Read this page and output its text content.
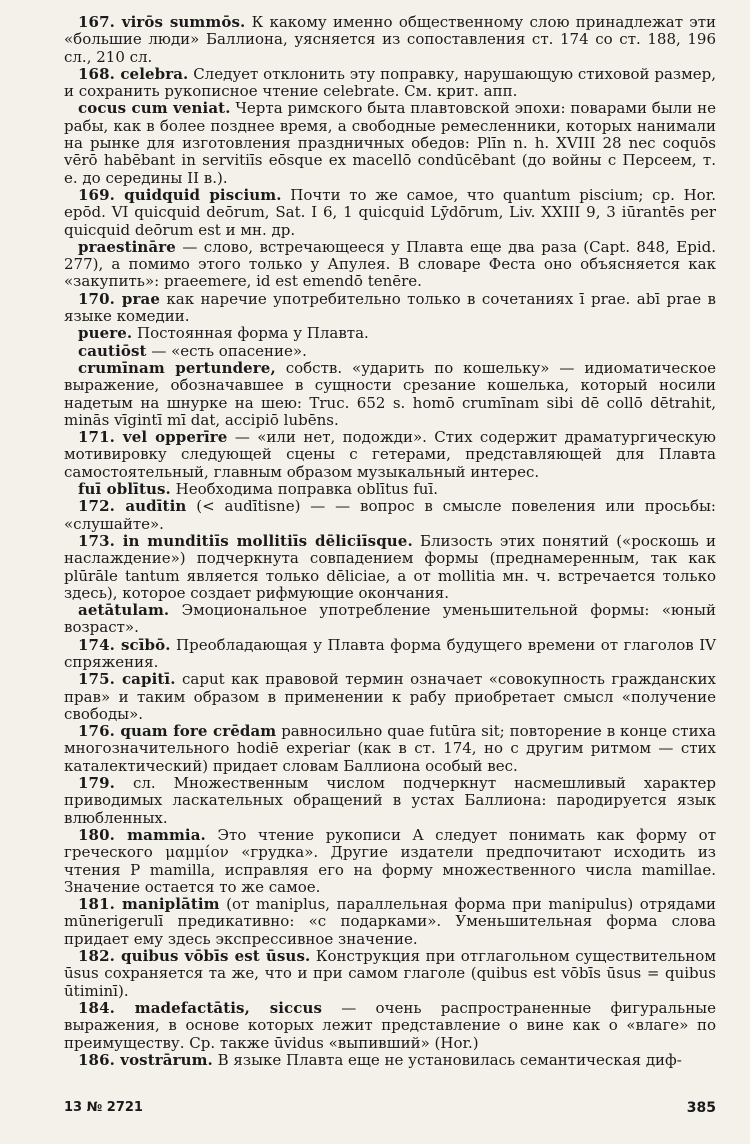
167. virōs summōs. К какому именно общественному слою принадлежат эти «большие люди» Баллиона, уясняется из сопоставления ст. 174 со ст. 188, 196 сл., 210 сл.

168. celebra. Следует отклонить эту поправку, нарушающую стиховой размер, и сохранить рукописное чтение celebrate. См. крит. апп.

cocus cum veniat. Черта римского быта плавтовской эпохи: поварами были не рабы, как в более позднее время, а свободные ремесленники, которых нанимали на рынке для изготовления праздничных обедов: Plīn n. h. XVIII 28 nec coquōs vērō habēbant in servitiīs eōsque ex macellō condūcēbant (до войны с Персеем, т. е. до середины II в.).

169. quidquid piscium. Почти то же самое, что quantum piscium; ср. Hor. epōd. VI quicquid deōrum, Sat. I 6, 1 quicquid Lȳdōrum, Liv. XXIII 9, 3 iūrantēs per quicquid deōrum est и мн. др.

praestināre — слово, встречающееся у Плавта еще два раза (Capt. 848, Epid. 277), а помимо этого только у Апулея. В словаре Феста оно объясняется как «закупить»: praeemere, id est emendō tenēre.

170. prae как наречие употребительно только в сочетаниях ī prae. abī prae в языке комедии.

puere. Постоянная форма у Плавта.

cautiōst — «есть опасение».

crumīnam pertundere, собств. «ударить по кошельку» — идиоматическое выражение, обозначавшее в сущности срезание кошелька, который носили надетым на шнурке на шею: Truc. 652 s. homō crumīnam sibi dē collō dētrahit, minās vīgintī mī dat, accipiō lubēns.

171. vel opperīre — «или нет, подожди». Стих содержит драматургическую мотивировку следующей сцены с гетерами, представляющей для Плавта самостоятельный, главным образом музыкальный интерес.

fuī oblītus. Необходима поправка oblītus fuī.

172. audītin (< audītisne) — — вопрос в смысле повеления или просьбы: «слушайте».

173. in munditiīs mollitiīs dēliciīsque. Близость этих понятий («роскошь и наслаждение») подчеркнута совпадением формы (преднамеренным, так как plūrāle tantum является только dēliciae, а от mollitia мн. ч. встречается только здесь), которое создает рифмующие окончания.

aetātulam. Эмоциональное употребление уменьшительной формы: «юный возраст».

174. scībō. Преобладающая у Плавта форма будущего времени от глаголов IV спряжения.

175. capitī. caput как правовой термин означает «совокупность гражданских прав» и таким образом в применении к рабу приобретает смысл «получение свободы».

176. quam fore crēdam равносильно quae futūra sit; повторение в конце стиха многозначительного hodiē experiar (как в ст. 174, но с другим ритмом — стих каталектический) придает словам Баллиона особый вес.

179. сл. Множественным числом подчеркнут насмешливый характер приводимых ласкательных обращений в устах Баллиона: пародируется язык влюбленных.

180. mammia. Это чтение рукописи A следует понимать как форму от греческого μαμμίον «грудка». Другие издатели предпочитают исходить из чтения P mamilla, исправляя его на форму множественного числа mamillae. Значение остается то же самое.

181. maniplātim (от maniplus, параллельная форма при manipulus) отрядами mūnerigerulī предикативно: «с подарками». Уменьшительная форма слова придает ему здесь экспрессивное значение.

182. quibus vōbīs est ūsus. Конструкция при отглагольном существительном ūsus сохраняется та же, что и при самом глаголе (quibus est vōbīs ūsus = quibus ūtiminī).

184. madefactātis, siccus — очень распространенные фигуральные выражения, в основе которых лежит представление о вине как о «влаге» по преимуществу. Ср. также ūvidus «выпивший» (Hor.)

186. vostrārum. В языке Плавта еще не установилась семантическая диф-

13 № 2721	385
